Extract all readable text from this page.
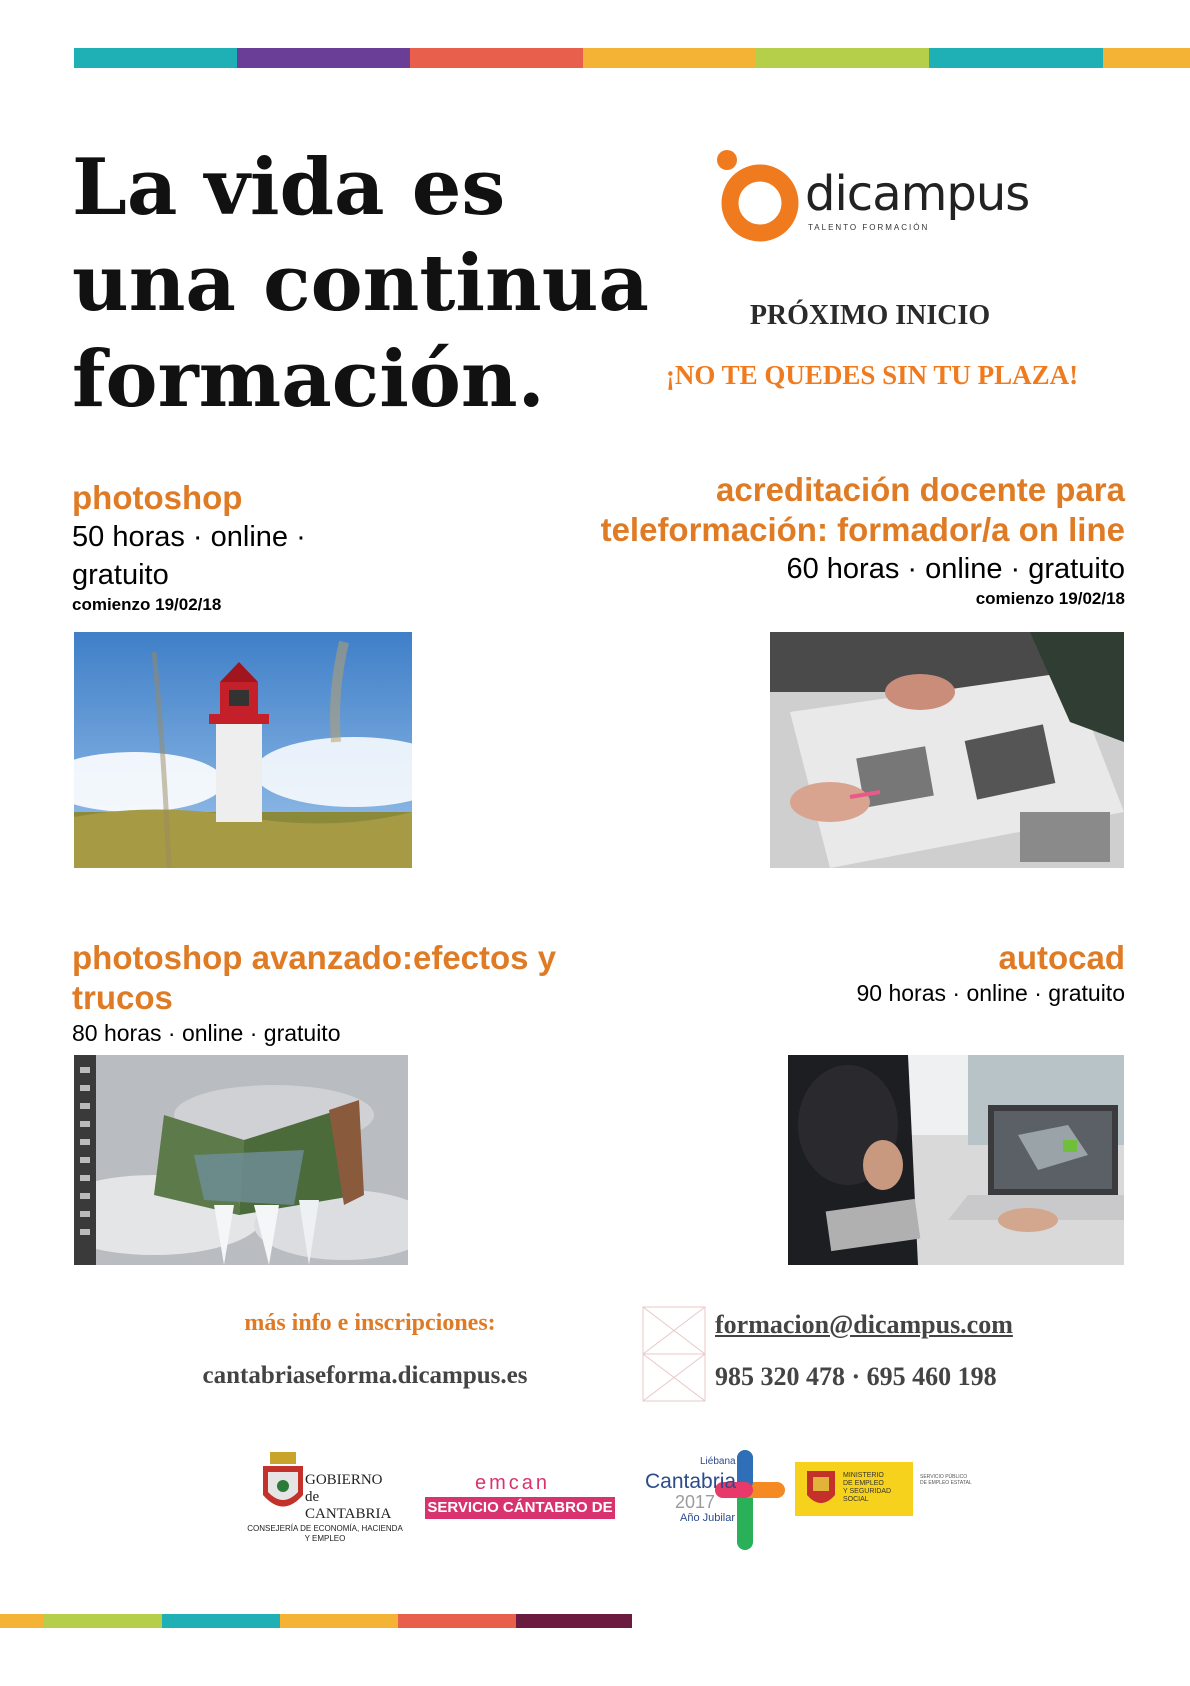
La vida es
una continua
formación.
dicampus
TALENTO FORMACIÓN
PRÓXIMO INICIO
¡NO TE QUEDES SIN TU PLAZA!
photoshop
50 horas · online ·
gratuito
comienzo 19/02/18
acreditación docente para
teleformación: formador/a on line
60 horas · online · gratuito
comienzo 19/02/18
photoshop avanzado:efectos y
trucos
80 horas · online · gratuito
autocad
90 horas · online · gratuito
más info e inscripciones:
cantabriaseforma.dicampus.es
formacion@dicampus.com
985 320 478 · 695 460 198
GOBIERNO
de
CANTABRIA
CONSEJERÍA DE ECONOMÍA, HACIENDA
Y EMPLEO
emcan
SERVICIO CÁNTABRO DE EMPLEO
Liébana
Cantabria
2017
Año Jubilar
MINISTERIO
DE EMPLEO
Y SEGURIDAD SOCIAL
SERVICIO PÚBLICO
DE EMPLEO ESTATAL
